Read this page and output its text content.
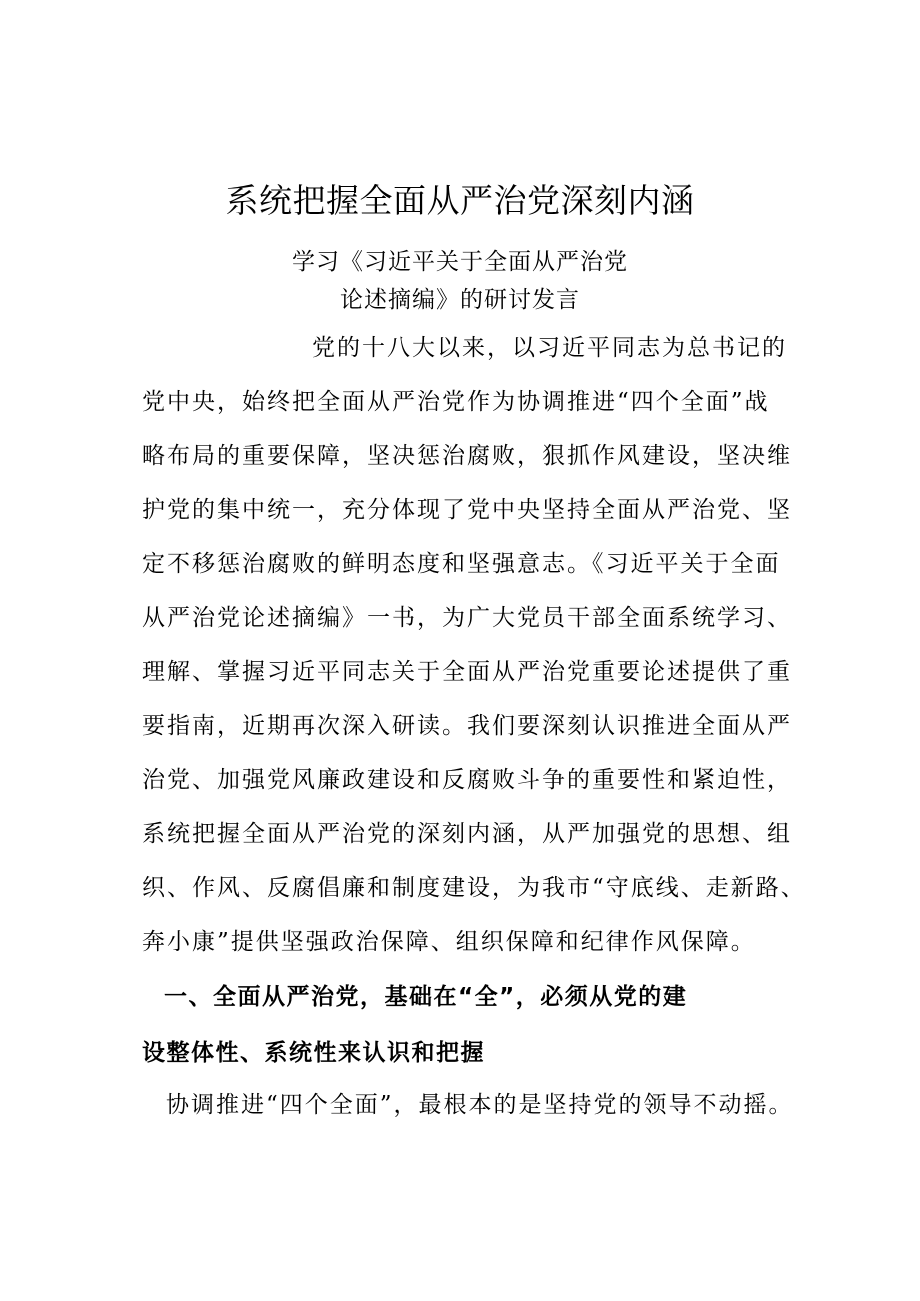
系统把握全面从严治党深刻内涵
学习《习近平关于全面从严治党
论述摘编》的研讨发言
党的十八大以来，以习近平同志为总书记的
党中央，始终把全面从严治党作为协调推进“四个全面”战
略布局的重要保障，坚决惩治腐败，狠抓作风建设，坚决维
护党的集中统一，充分体现了党中央坚持全面从严治党、坚
定不移惩治腐败的鲜明态度和坚强意志。《习近平关于全面
从严治党论述摘编》一书，为广大党员干部全面系统学习、
理解、掌握习近平同志关于全面从严治党重要论述提供了重
要指南，近期再次深入研读。我们要深刻认识推进全面从严
治党、加强党风廉政建设和反腐败斗争的重要性和紧迫性，
系统把握全面从严治党的深刻内涵，从严加强党的思想、组
织、作风、反腐倡廉和制度建设，为我市“守底线、走新路、
奔小康”提供坚强政治保障、组织保障和纪律作风保障。
一、全面从严治党，基础在“全”，必须从党的建
设整体性、系统性来认识和把握
协调推进“四个全面”，最根本的是坚持党的领导不动摇。
